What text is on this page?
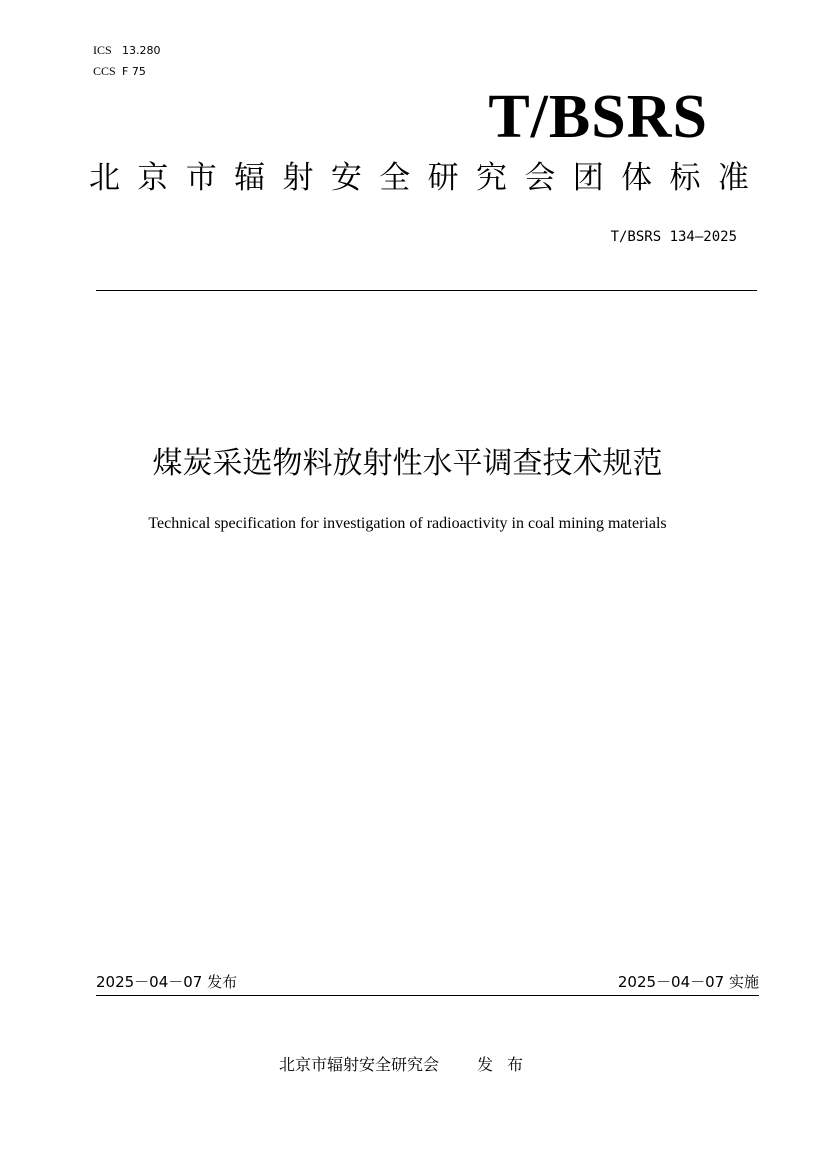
ICS 13.280
CCS F 75
T/BSRS
北 京 市 辐 射 安 全 研 究 会 团 体 标 准
T/BSRS 134—2025
煤炭采选物料放射性水平调查技术规范
Technical specification for investigation of radioactivity in coal mining materials
2025－04－07 发布	2025－04－07 实施
北京市辐射安全研究会 发布
